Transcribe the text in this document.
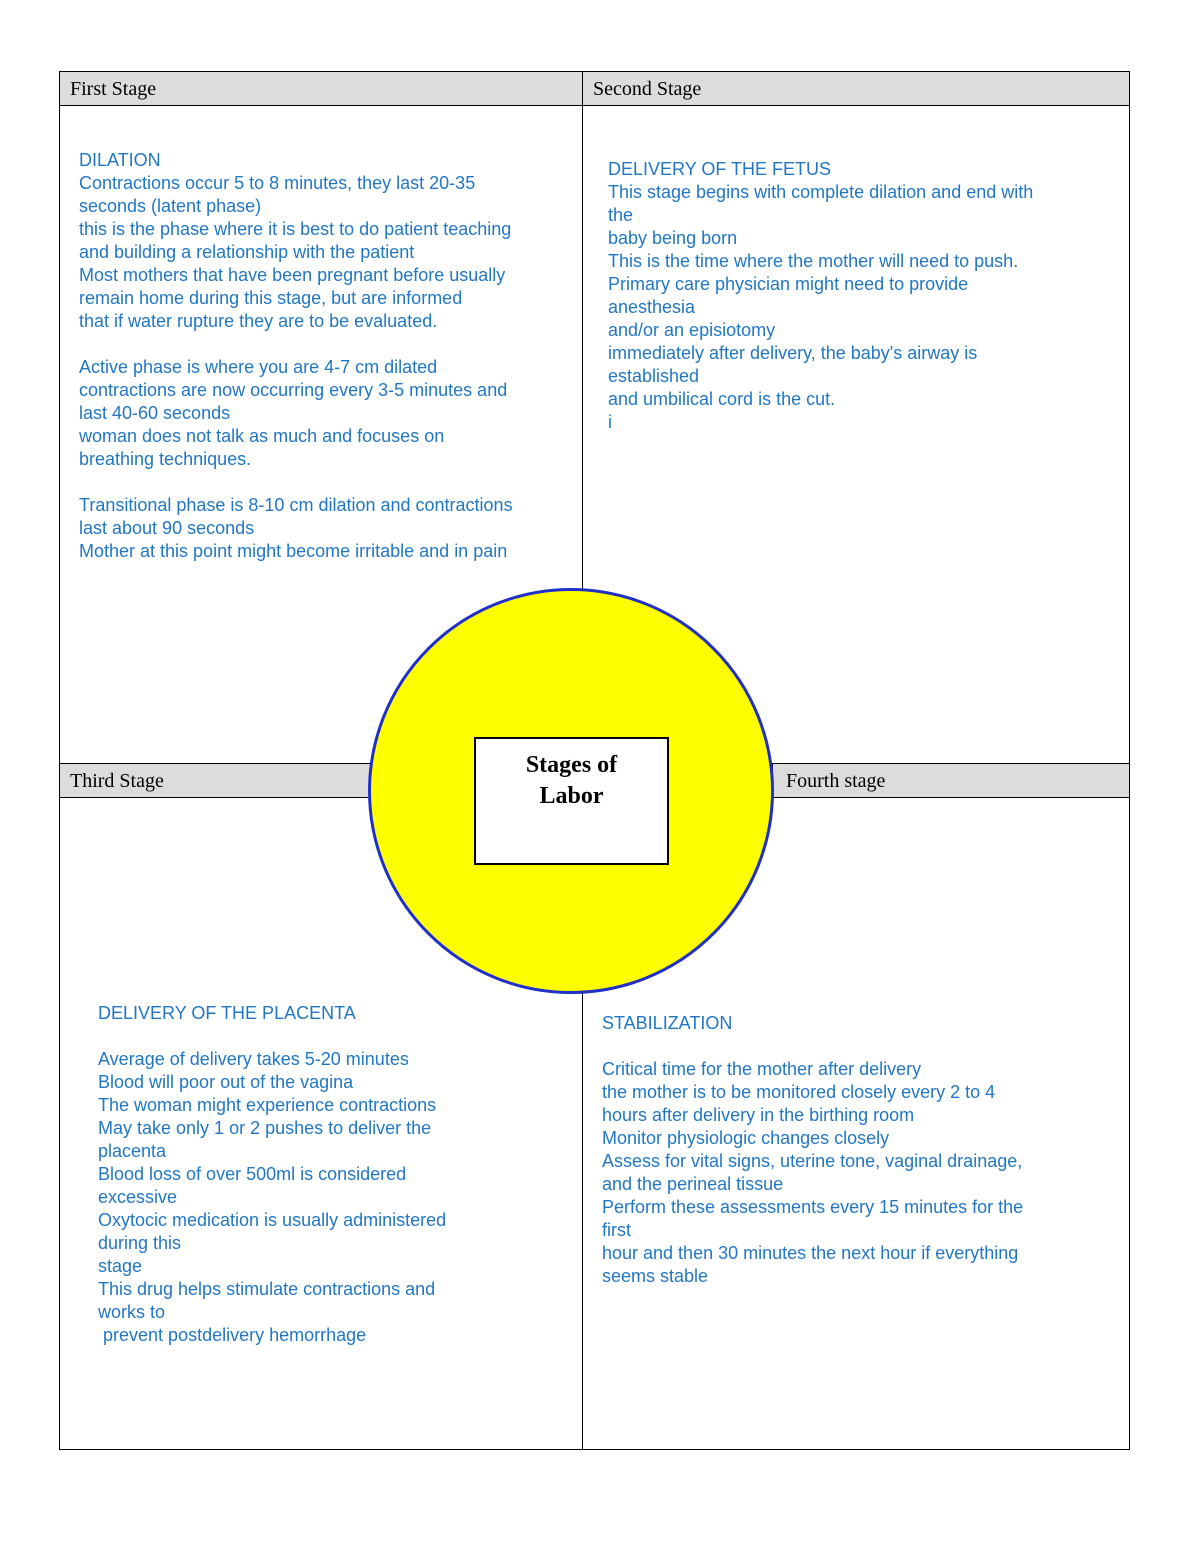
First Stage	Second Stage
Third Stage	Fourth stage
DILATION
Contractions occur 5 to 8 minutes, they last 20-35
seconds (latent phase)
this is the phase where it is best to do patient teaching
and building a relationship with the patient
Most mothers that have been pregnant before usually
remain home during this stage, but are informed
that if water rupture they are to be evaluated.

Active phase is where you are 4-7 cm dilated
contractions are now occurring every 3-5 minutes and
last 40-60 seconds
woman does not talk as much and focuses on
breathing techniques.

Transitional phase is 8-10 cm dilation and contractions
last about 90 seconds
Mother at this point might become irritable and in pain
DELIVERY OF THE FETUS
This stage begins with complete dilation and end with
the
baby being born
This is the time where the mother will need to push.
Primary care physician might need to provide
anesthesia
and/or an episiotomy
immediately after delivery, the baby's airway is
established
and umbilical cord is the cut.
i
DELIVERY OF THE PLACENTA

Average of delivery takes 5-20 minutes
Blood will poor out of the vagina
The woman might experience contractions
May take only 1 or 2 pushes to deliver the
placenta
Blood loss of over 500ml is considered
excessive
Oxytocic medication is usually administered
during this
stage
This drug helps stimulate contractions and
works to
prevent postdelivery hemorrhage
STABILIZATION

Critical time for the mother after delivery
the mother is to be monitored closely every 2 to 4
hours after delivery in the birthing room
Monitor physiologic changes closely
Assess for vital signs, uterine tone, vaginal drainage,
and the perineal tissue
Perform these assessments every 15 minutes for the
first
hour and then 30 minutes the next hour if everything
seems stable
Stages of
Labor
